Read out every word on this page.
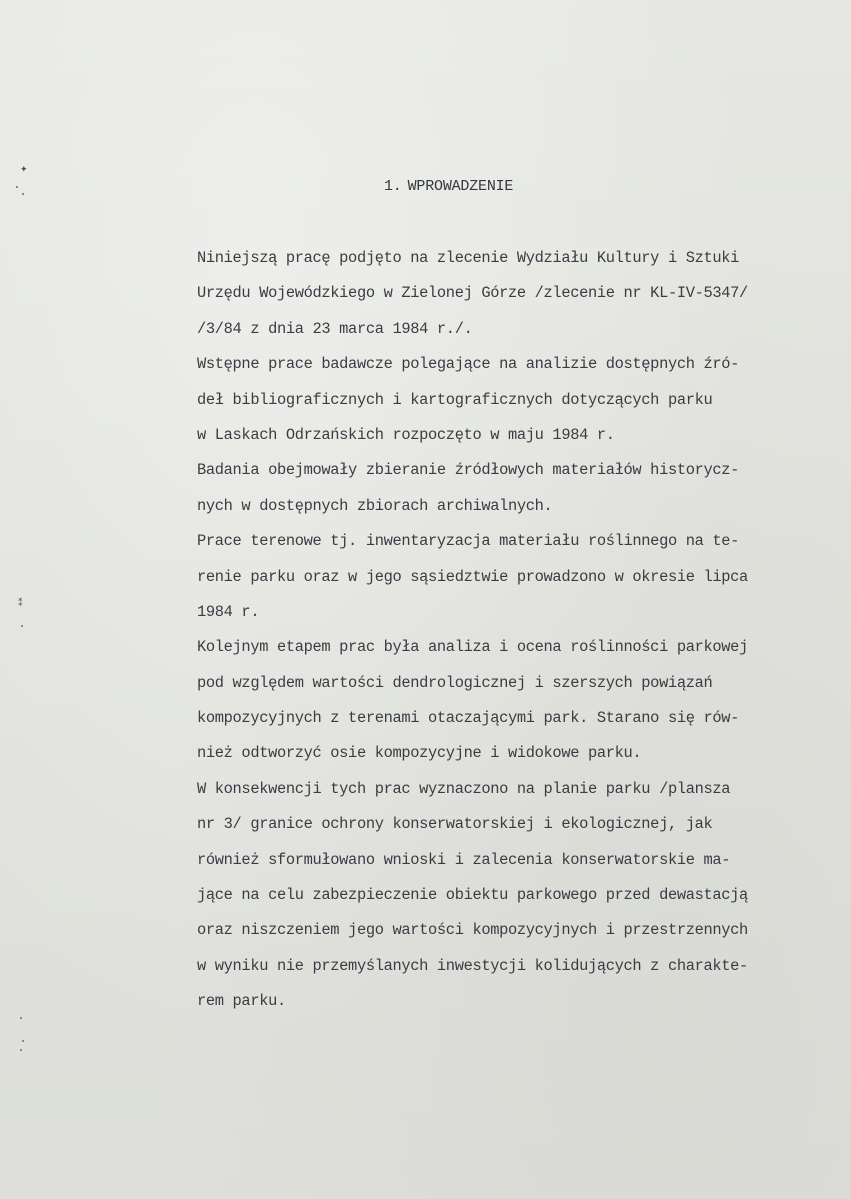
✦
⁑
1. WPROWADZENIE
Niniejszą pracę podjęto na zlecenie Wydziału Kultury i Sztuki
Urzędu Wojewódzkiego w Zielonej Górze /zlecenie nr KL-IV-5347/
/3/84 z dnia 23 marca 1984 r./.
Wstępne prace badawcze polegające na analizie dostępnych źró-
deł bibliograficznych i kartograficznych dotyczących parku
w Laskach Odrzańskich rozpoczęto w maju 1984 r.
Badania obejmowały zbieranie źródłowych materiałów historycz-
nych w dostępnych zbiorach archiwalnych.
Prace terenowe tj. inwentaryzacja materiału roślinnego na te-
renie parku oraz w jego sąsiedztwie prowadzono w okresie lipca
1984 r.
Kolejnym etapem prac była analiza i ocena roślinności parkowej
pod względem wartości dendrologicznej i szerszych powiązań
kompozycyjnych z terenami otaczającymi park. Starano się rów-
nież odtworzyć osie kompozycyjne i widokowe parku.
W konsekwencji tych prac wyznaczono na planie parku /plansza
nr 3/ granice ochrony konserwatorskiej i ekologicznej, jak
również sformułowano wnioski i zalecenia konserwatorskie ma-
jące na celu zabezpieczenie obiektu parkowego przed dewastacją
oraz niszczeniem jego wartości kompozycyjnych i przestrzennych
w wyniku nie przemyślanych inwestycji kolidujących z charakte-
rem parku.
